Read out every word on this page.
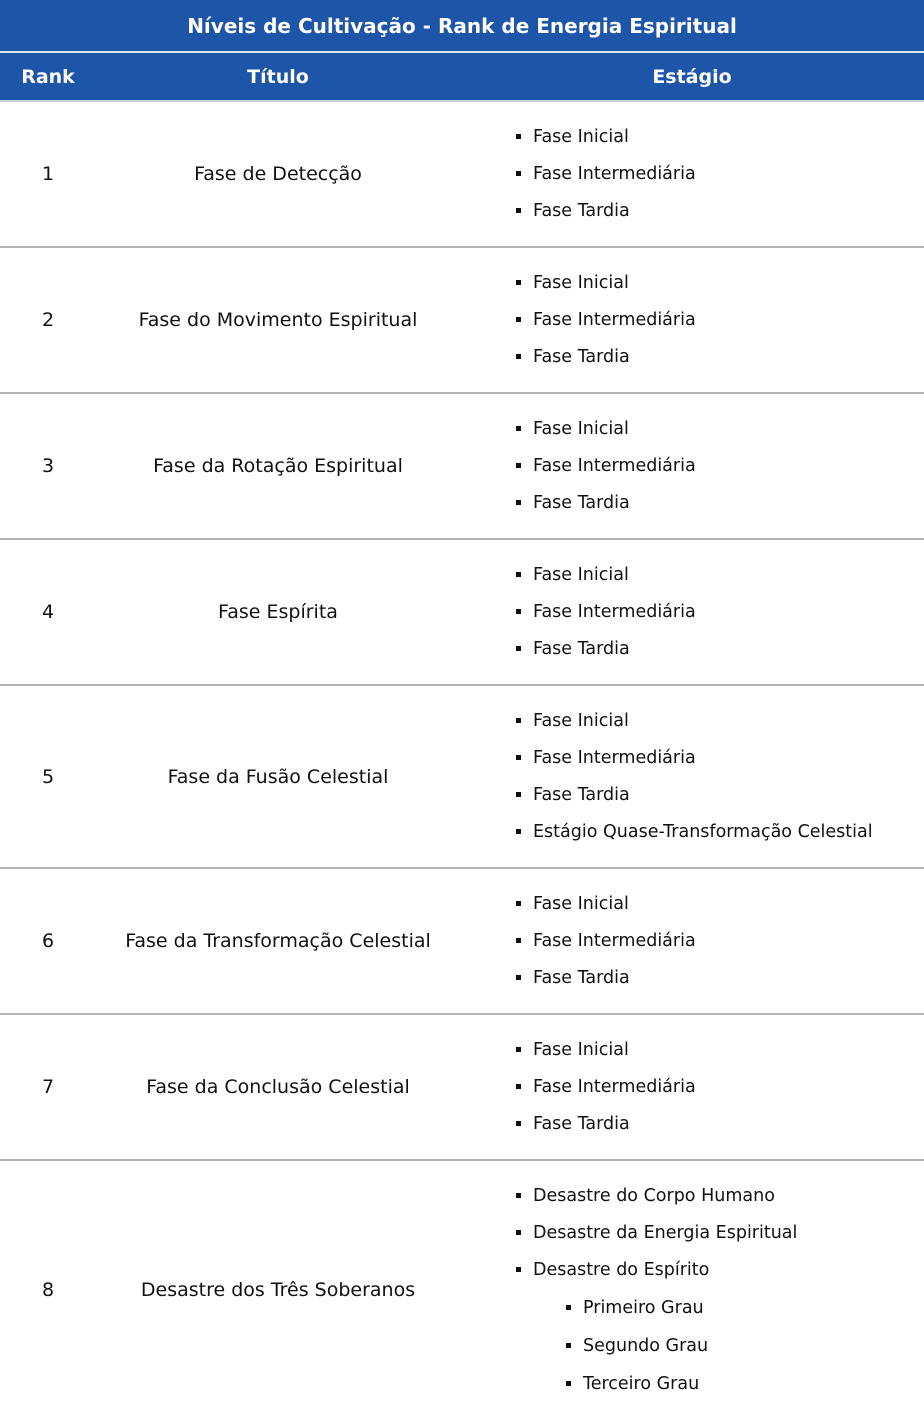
Níveis de Cultivação - Rank de Energia Espiritual		
Rank	Título	Estágio
1	Fase de Detecção	
▪ Fase Inicial
▪ Fase Intermediária
▪ Fase Tardia

2	Fase do Movimento Espiritual	
▪ Fase Inicial
▪ Fase Intermediária
▪ Fase Tardia

3	Fase da Rotação Espiritual	
▪ Fase Inicial
▪ Fase Intermediária
▪ Fase Tardia

4	Fase Espírita	
▪ Fase Inicial
▪ Fase Intermediária
▪ Fase Tardia

5	Fase da Fusão Celestial	
▪ Fase Inicial
▪ Fase Intermediária
▪ Fase Tardia
▪ Estágio Quase-Transformação Celestial

6	Fase da Transformação Celestial	
▪ Fase Inicial
▪ Fase Intermediária
▪ Fase Tardia

7	Fase da Conclusão Celestial	
▪ Fase Inicial
▪ Fase Intermediária
▪ Fase Tardia

8	Desastre dos Três Soberanos	
▪ Desastre do Corpo Humano
▪ Desastre da Energia Espiritual
▪ Desastre do Espírito
▪ Primeiro Grau
▪ Segundo Grau
▪ Terceiro Grau
